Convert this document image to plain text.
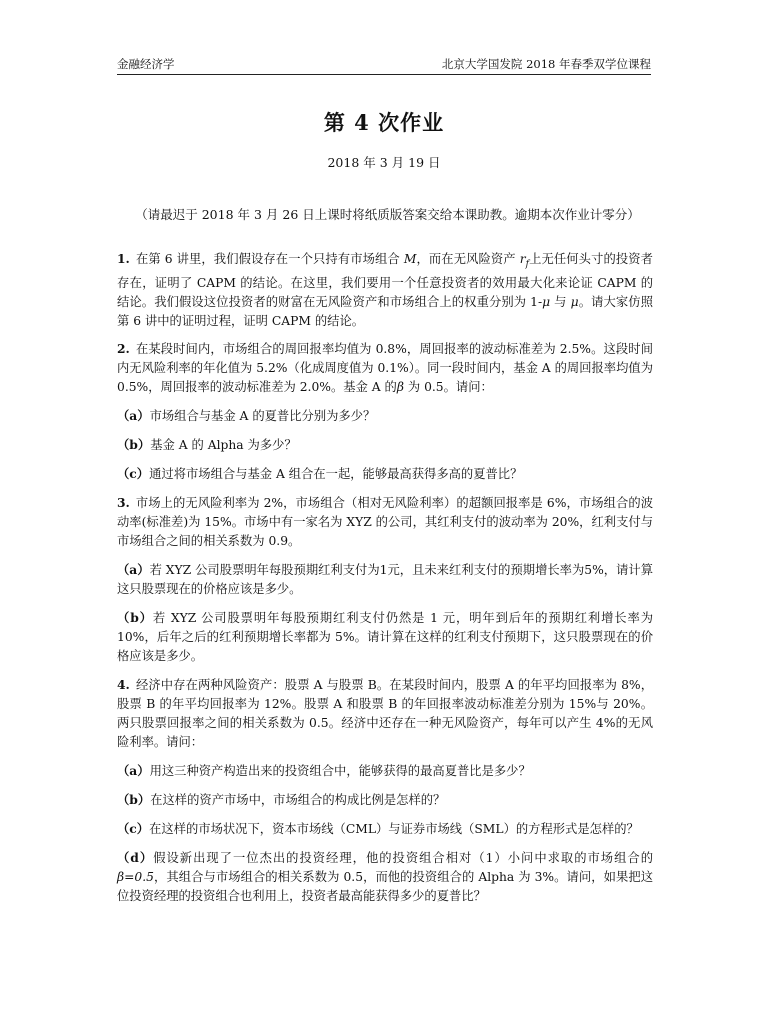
金融经济学	北京大学国发院 2018 年春季双学位课程
第 4 次作业
2018 年 3 月 19 日
（请最迟于 2018 年 3 月 26 日上课时将纸质版答案交给本课助教。逾期本次作业计零分）

1. 在第 6 讲里，我们假设存在一个只持有市场组合 M，而在无风险资产 $r_f$上无任何头寸的投资者存在，证明了 CAPM 的结论。在这里，我们要用一个任意投资者的效用最大化来论证 CAPM 的结论。我们假设这位投资者的财富在无风险资产和市场组合上的权重分别为 1-μ 与 μ。请大家仿照第 6 讲中的证明过程，证明 CAPM 的结论。

2. 在某段时间内，市场组合的周回报率均值为 0.8%，周回报率的波动标准差为 2.5%。这段时间内无风险利率的年化值为 5.2%（化成周度值为 0.1%）。同一段时间内，基金 A 的周回报率均值为 0.5%，周回报率的波动标准差为 2.0%。基金 A 的β 为 0.5。请问：

（a）市场组合与基金 A 的夏普比分别为多少？

（b）基金 A 的 Alpha 为多少？

（c）通过将市场组合与基金 A 组合在一起，能够最高获得多高的夏普比？

3. 市场上的无风险利率为 2%，市场组合（相对无风险利率）的超额回报率是 6%，市场组合的波动率(标准差)为 15%。市场中有一家名为 XYZ 的公司，其红利支付的波动率为 20%，红利支付与市场组合之间的相关系数为 0.9。

（a）若 XYZ 公司股票明年每股预期红利支付为1元，且未来红利支付的预期增长率为5%，请计算这只股票现在的价格应该是多少。

（b）若 XYZ 公司股票明年每股预期红利支付仍然是 1 元，明年到后年的预期红利增长率为 10%，后年之后的红利预期增长率都为 5%。请计算在这样的红利支付预期下，这只股票现在的价格应该是多少。

4. 经济中存在两种风险资产：股票 A 与股票 B。在某段时间内，股票 A 的年平均回报率为 8%，股票 B 的年平均回报率为 12%。股票 A 和股票 B 的年回报率波动标准差分别为 15%与 20%。两只股票回报率之间的相关系数为 0.5。经济中还存在一种无风险资产，每年可以产生 4%的无风险利率。请问：

（a）用这三种资产构造出来的投资组合中，能够获得的最高夏普比是多少？

（b）在这样的资产市场中，市场组合的构成比例是怎样的？

（c）在这样的市场状况下，资本市场线（CML）与证券市场线（SML）的方程形式是怎样的？

（d）假设新出现了一位杰出的投资经理，他的投资组合相对（1）小问中求取的市场组合的β=0.5，其组合与市场组合的相关系数为 0.5，而他的投资组合的 Alpha 为 3%。请问，如果把这位投资经理的投资组合也利用上，投资者最高能获得多少的夏普比？
